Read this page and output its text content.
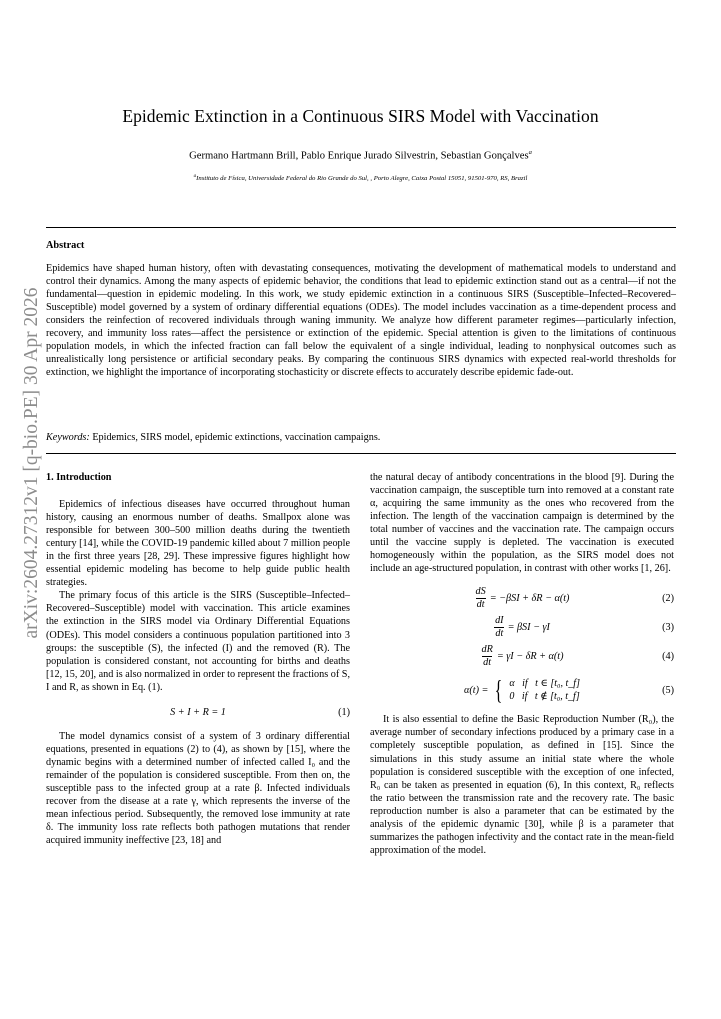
arXiv:2604.27312v1 [q-bio.PE] 30 Apr 2026
Epidemic Extinction in a Continuous SIRS Model with Vaccination
Germano Hartmann Brill, Pablo Enrique Jurado Silvestrin, Sebastian Gonçalves$^a$
$^a$Instituto de Física, Universidade Federal do Rio Grande do Sul, , Porto Alegre, Caixa Postal 15051, 91501-970, RS, Brazil
Abstract
Epidemics have shaped human history, often with devastating consequences, motivating the development of mathematical models to understand and control their dynamics. Among the many aspects of epidemic behavior, the conditions that lead to epidemic extinction stand out as a central—if not the fundamental—question in epidemic modeling. In this work, we study epidemic extinction in a continuous SIRS (Susceptible–Infected–Recovered–Susceptible) model governed by a system of ordinary differential equations (ODEs). The model includes vaccination as a time-dependent process and considers the reinfection of recovered individuals through waning immunity. We analyze how different parameter regimes—particularly infection, recovery, and immunity loss rates—affect the persistence or extinction of the epidemic. Special attention is given to the limitations of continuous population models, in which the infected fraction can fall below the equivalent of a single individual, leading to nonphysical outcomes such as unrealistically long persistence or artificial secondary peaks. By comparing the continuous SIRS dynamics with expected real-world thresholds for extinction, we highlight the importance of incorporating stochasticity or discrete effects to accurately describe epidemic fade-out.
Keywords: Epidemics, SIRS model, epidemic extinctions, vaccination campaigns.

1. Introduction

Epidemics of infectious diseases have occurred throughout human history, causing an enormous number of deaths. Smallpox alone was responsible for between 300–500 million deaths during the twentieth century [14], while the COVID-19 pandemic killed about 7 million people in the first three years [28, 29]. These impressive figures highlight how essential epidemic modeling has become to help guide public health strategies.

The primary focus of this article is the SIRS (Susceptible–Infected–Recovered–Susceptible) model with vaccination. This article examines the extinction in the SIRS model via Ordinary Differential Equations (ODEs). This model considers a continuous population partitioned into 3 groups: the susceptible (S), the infected (I) and the removed (R). The population is considered constant, not accounting for births and deaths [12, 15, 20], and is also normalized in order to represent the fractions of S, I and R, as shown in Eq. (1).

S + I + R = 1	(1)

The model dynamics consist of a system of 3 ordinary differential equations, presented in equations (2) to (4), as shown by [15], where the dynamic begins with a determined number of infected called I₀ and the remainder of the population is considered susceptible. From then on, the susceptible pass to the infected group at a rate β. Infected individuals recover from the disease at a rate γ, which represents the inverse of the mean infectious period. Subsequently, the removed lose immunity at rate δ. The immunity loss rate reflects both pathogen mutations that render acquired immunity ineffective [23, 18] and

the natural decay of antibody concentrations in the blood [9]. During the vaccination campaign, the susceptible turn into removed at a constant rate α, acquiring the same immunity as the ones who recovered from the infection. The length of the vaccination campaign is determined by the total number of vaccines and the vaccination rate. The campaign occurs until the vaccine supply is depleted. The vaccination is executed homogeneously within the population, as the SIRS model does not include an age-structured population, in contrast with other works [1, 26].

$\frac{dS}{dt} = -\beta SI + \delta R - \alpha(t)$	(2)
$\frac{dI}{dt} = \beta SI - \gamma I$	(3)
$\frac{dR}{dt} = \gamma I - \delta R + \alpha(t)$	(4)
α(t) = { α   if   t ∈ [t₀, t_f]
0   if   t ∉ [t₀, t_f]
(5)

It is also essential to define the Basic Reproduction Number (R₀), the average number of secondary infections produced by a primary case in a completely susceptible population, as defined in [15]. Since the simulations in this study assume an initial state where the whole population is considered susceptible with the exception of one infected, R₀ can be taken as presented in equation (6), In this context, R₀ reflects the ratio between the transmission rate and the recovery rate. The basic reproduction number is also a parameter that can be estimated by the analysis of the epidemic dynamic [30], while β is a parameter that summarizes the pathogen infectivity and the contact rate in the mean-field approximation of the model.
